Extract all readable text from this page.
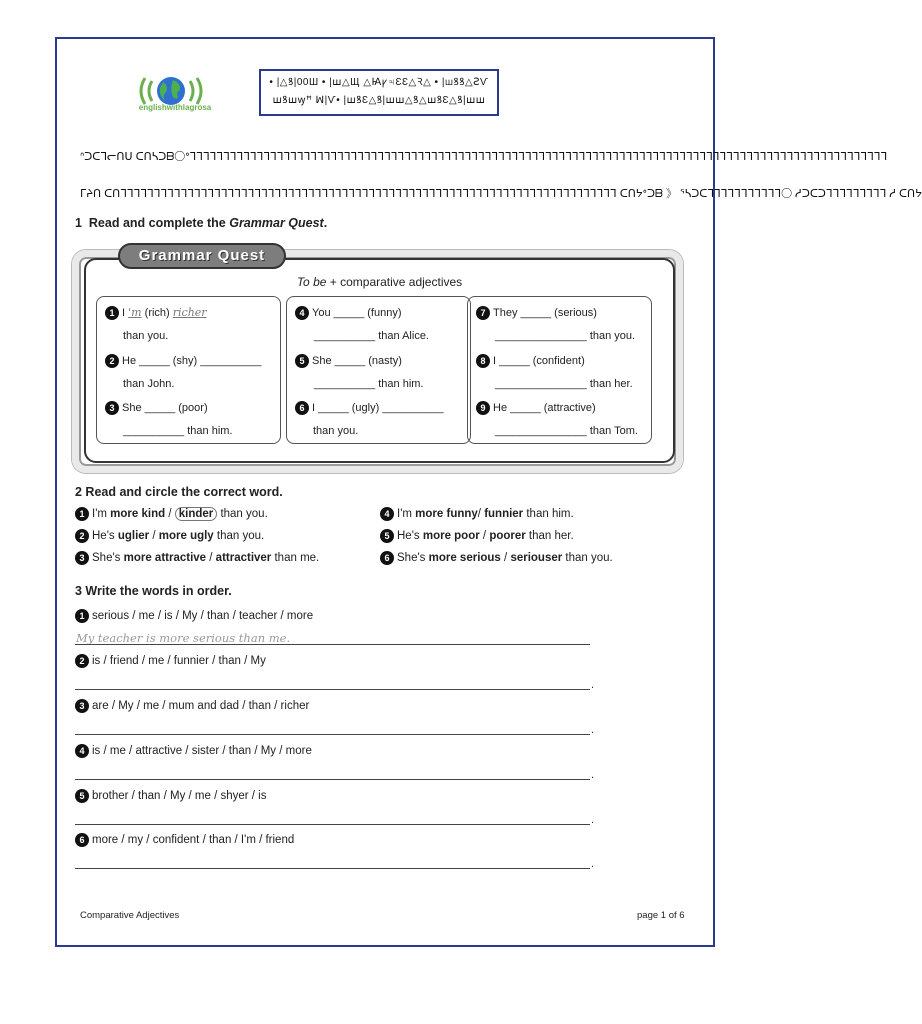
englishwithlagrosa
• |△ꝸ|00Ш • |ꟺ△Щ △Ꙗꝩ♃ƐƐ△Ꝛ△ • |ꟺꝸꝸ△ꙄѴ
ꟺꝸꟺꝡꟸ ꟽ|Ѵ• |ꟺꝸƐ△ꝸ|ꟺꟺ△ꝸ△ꟺꝸƐ△ꝸ|ꟺꟺ
ᐢᑐᑕᒣᓕᑎᑌ ᑕᑎᓴᑐᗷ〇ᐤᒣᒣᒣᒣᒣᒣᒣᒣᒣᒣᒣᒣᒣᒣᒣᒣᒣᒣᒣᒣᒣᒣᒣᒣᒣᒣᒣᒣᒣᒣᒣᒣᒣᒣᒣᒣᒣᒣᒣᒣᒣᒣᒣᒣᒣᒣᒣᒣᒣᒣᒣᒣᒣᒣᒣᒣᒣᒣᒣᒣᒣᒣᒣᒣᒣᒣᒣᒣᒣᒣᒣᒣᒣᒣᒣᒣᒣᒣᒣᒣᒣᒣᒣᒣᒣᒣᒣᒣᒣᒣᒣᒣᒣᒣᒣᒣᒣᒣᒣᒣᒣᒣᒣᒣ
ᒥᔨᑎ ᑕᑎᒣᒣᒣᒣᒣᒣᒣᒣᒣᒣᒣᒣᒣᒣᒣᒣᒣᒣᒣᒣᒣᒣᒣᒣᒣᒣᒣᒣᒣᒣᒣᒣᒣᒣᒣᒣᒣᒣᒣᒣᒣᒣᒣᒣᒣᒣᒣᒣᒣᒣᒣᒣᒣᒣᒣᒣᒣᒣᒣᒣᒣᒣᒣᒣᒣᒣᒣᒣᒣᒣᒣᒣᒣᒣ ᑕᑎᔭᐤᑐᗷ 》 ᕐᓴᑐᑕᒣᒣᒣᒣᒣᒣᒣᒣᒣᒣᒣ〇 ᓱᑐᑕᑐᒣᒣᒣᒣᒣᒣᒣᒣᒣ ᓱ ᑕᑎᔭ
1 Read and complete the Grammar Quest.
Grammar Quest
To be + comparative adjectives
1 I 'm (rich) richer
than you.
2 He _____ (shy) __________
than John.
3 She _____ (poor)
__________ than him.
4 You _____ (funny)
__________ than Alice.
5 She _____ (nasty)
__________ than him.
6 I _____ (ugly) __________
than you.
7 They _____ (serious)
_______________ than you.
8 I _____ (confident)
_______________ than her.
9 He _____ (attractive)
_______________ than Tom.
2 Read and circle the correct word.
1 I'm more kind / kinder than you.
2 He's uglier / more ugly than you.
3 She's more attractive / attractiver than me.
4 I'm more funny/ funnier than him.
5 He's more poor / poorer than her.
6 She's more serious / seriouser than you.
3 Write the words in order.
1 serious / me / is / My / than / teacher / more
My teacher is more serious than me.
2 is / friend / me / funnier / than / My
.
3 are / My / me / mum and dad / than / richer
.
4 is / me / attractive / sister / than / My / more
.
5 brother / than / My / me / shyer / is
.
6 more / my / confident / than / I'm / friend
.
Comparative Adjectives	page 1 of 6
